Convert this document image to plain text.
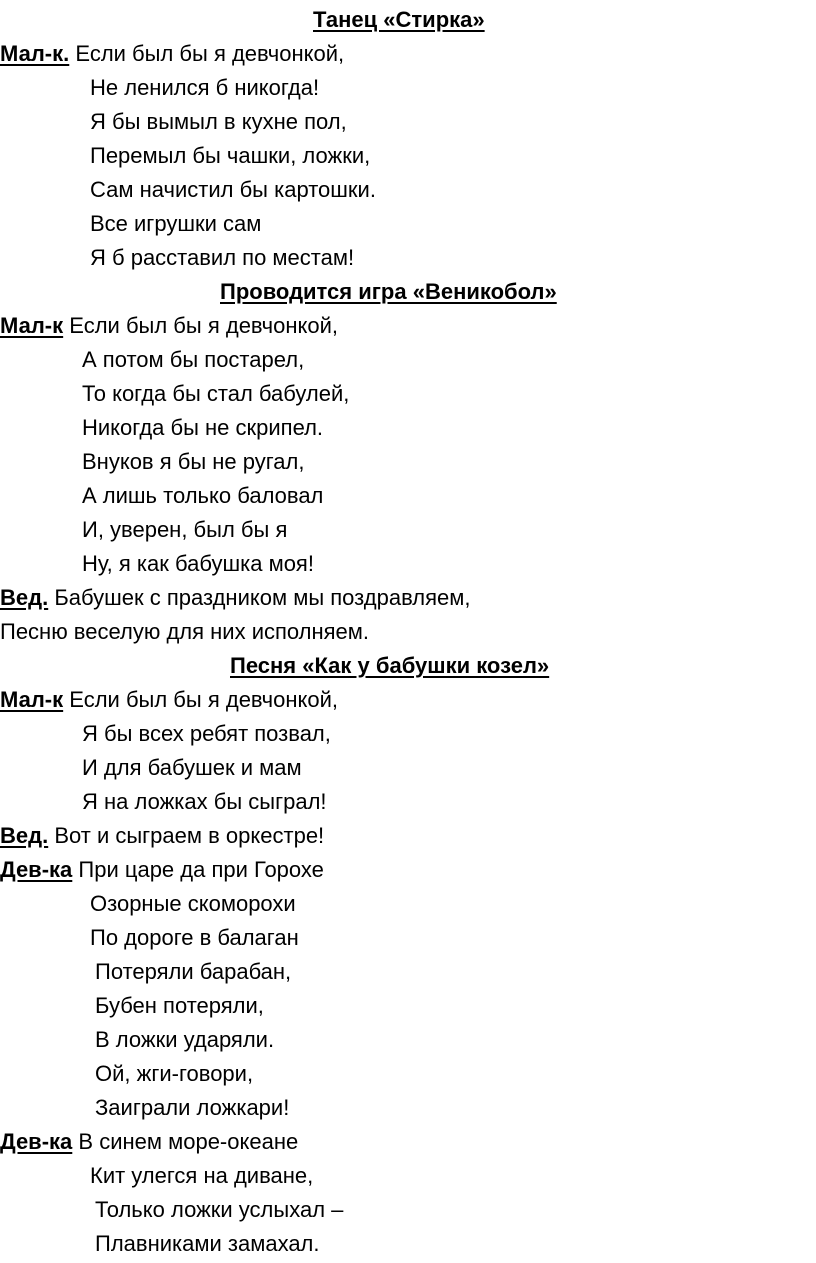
Танец «Стирка»
Мал-к. Если был бы я девчонкой,
Не ленился б никогда!
Я бы вымыл в кухне пол,
Перемыл бы чашки, ложки,
Сам начистил бы картошки.
Все игрушки сам
Я б расставил по местам!
Проводится игра «Веникобол»
Мал-к Если был бы я девчонкой,
А потом бы постарел,
То когда бы стал бабулей,
Никогда бы не скрипел.
Внуков я бы не ругал,
А лишь только баловал
И, уверен, был бы я
Ну, я как бабушка моя!
Вед. Бабушек с праздником мы поздравляем,
Песню веселую для них исполняем.
Песня «Как у бабушки козел»
Мал-к Если был бы я девчонкой,
Я бы всех ребят позвал,
И для бабушек и мам
Я на ложках бы сыграл!
Вед. Вот и сыграем в оркестре!
Дев-ка При царе да при Горохе
Озорные скоморохи
По дороге в балаган
Потеряли барабан,
Бубен потеряли,
В ложки ударяли.
Ой, жги-говори,
Заиграли ложкари!
Дев-ка В синем море-океане
Кит улегся на диване,
Только ложки услыхал –
Плавниками замахал.
